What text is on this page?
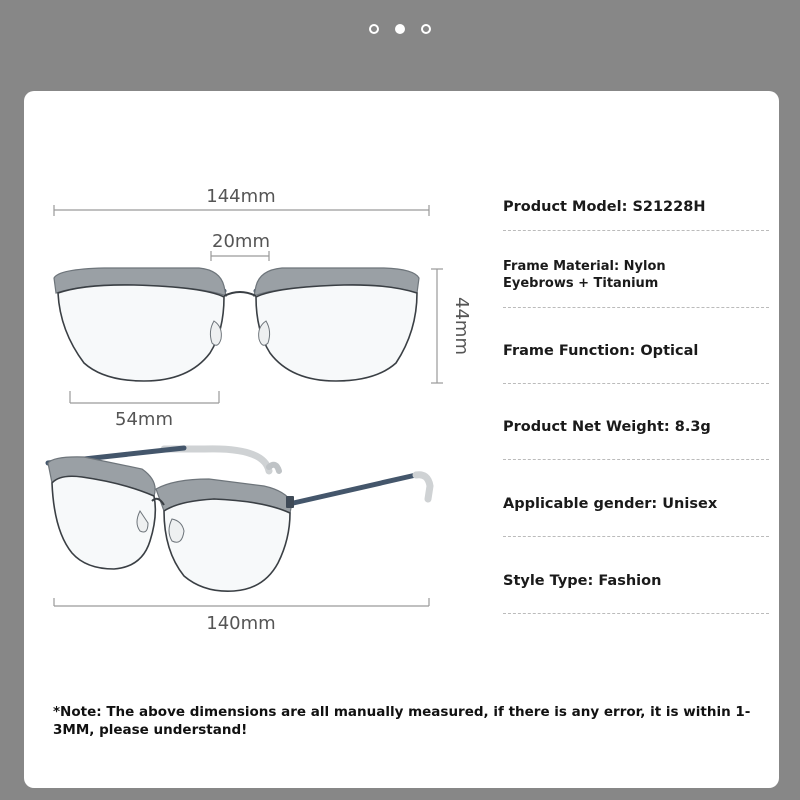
144mm
20mm
44mm
54mm
140mm
Product Model: S21228H
Frame Material: Nylon Eyebrows + Titanium
Frame Function: Optical
Product Net Weight: 8.3g
Applicable gender: Unisex
Style Type: Fashion
*Note: The above dimensions are all manually measured, if there is any error, it is within 1-3MM, please understand!
